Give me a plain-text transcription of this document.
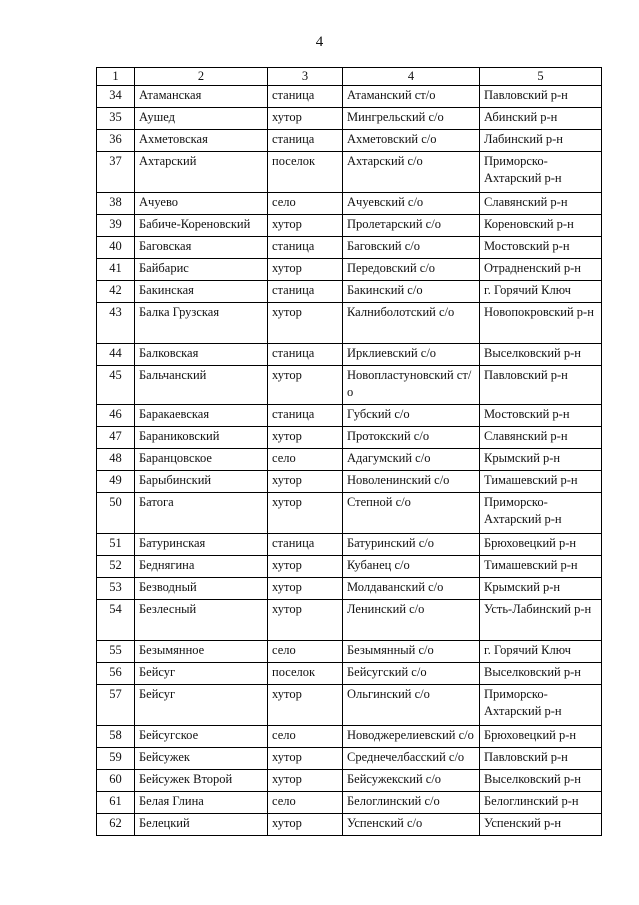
4
1	2	3	4	5
34	Атаманская	станица	Атаманский ст/о	Павловский р-н
35	Аушед	хутор	Мингрельский с/о	Абинский р-н
36	Ахметовская	станица	Ахметовский с/о	Лабинский р-н
37	Ахтарский	поселок	Ахтарский с/о	Приморско-Ахтарский р-н
38	Ачуево	село	Ачуевский с/о	Славянский р-н
39	Бабиче-Кореновский	хутор	Пролетарский с/о	Кореновский р-н
40	Баговская	станица	Баговский с/о	Мостовский р-н
41	Байбарис	хутор	Передовский с/о	Отрадненский р-н
42	Бакинская	станица	Бакинский с/о	г. Горячий Ключ
43	Балка Грузская	хутор	Калниболотский с/о	Новопокровский р-н
44	Балковская	станица	Ирклиевский с/о	Выселковский р-н
45	Бальчанский	хутор	Новопластуновский ст/о	Павловский р-н
46	Баракаевская	станица	Губский с/о	Мостовский р-н
47	Бараниковский	хутор	Протокский с/о	Славянский р-н
48	Баранцовское	село	Адагумский с/о	Крымский р-н
49	Барыбинский	хутор	Новоленинский с/о	Тимашевский р-н
50	Батога	хутор	Степной с/о	Приморско-Ахтарский р-н
51	Батуринская	станица	Батуринский с/о	Брюховецкий р-н
52	Беднягина	хутор	Кубанец с/о	Тимашевский р-н
53	Безводный	хутор	Молдаванский с/о	Крымский р-н
54	Безлесный	хутор	Ленинский с/о	Усть-Лабинский р-н
55	Безымянное	село	Безымянный с/о	г. Горячий Ключ
56	Бейсуг	поселок	Бейсугский с/о	Выселковский р-н
57	Бейсуг	хутор	Ольгинский с/о	Приморско-Ахтарский р-н
58	Бейсугское	село	Новоджерелиевский с/о	Брюховецкий р-н
59	Бейсужек	хутор	Среднечелбасский с/о	Павловский р-н
60	Бейсужек Второй	хутор	Бейсужекский с/о	Выселковский р-н
61	Белая Глина	село	Белоглинский с/о	Белоглинский р-н
62	Белецкий	хутор	Успенский с/о	Успенский р-н
